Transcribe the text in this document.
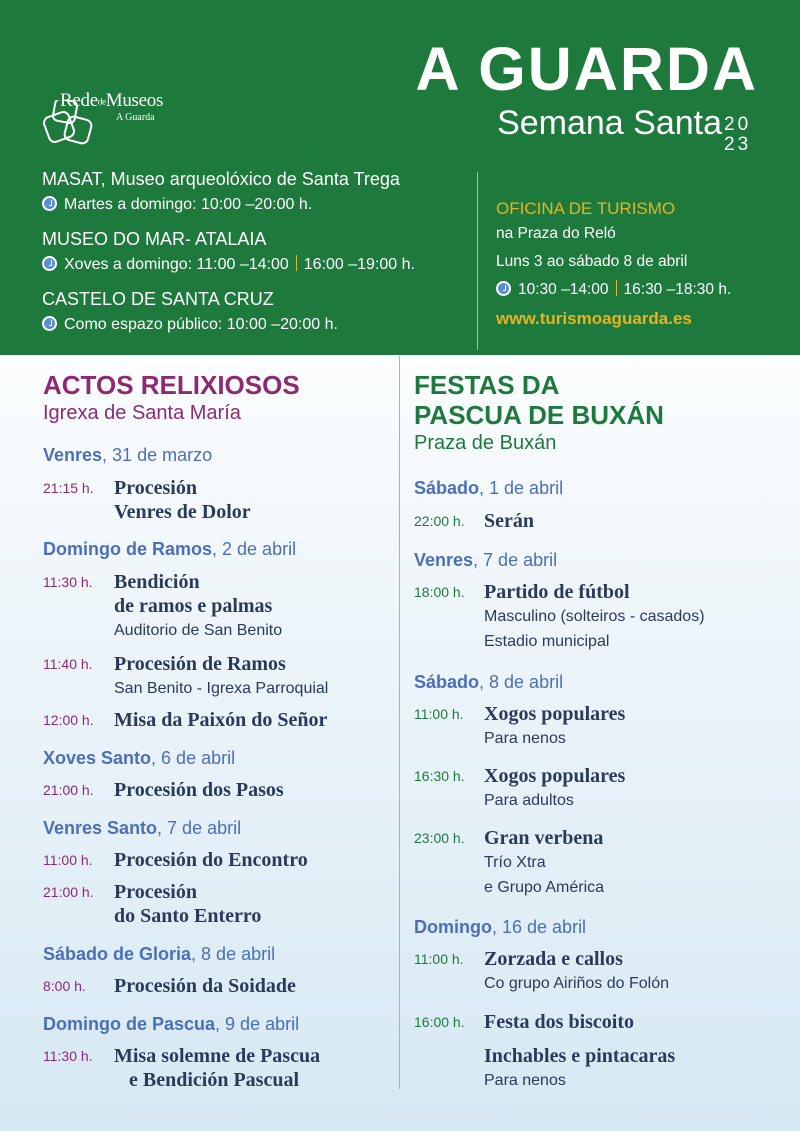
RededeMuseos
A Guarda
A GUARDA
Semana Santa 20
23
MASAT, Museo arqueolóxico de Santa Trega
Martes a domingo: 10:00 –20:00 h.
MUSEO DO MAR- ATALAIA
Xoves a domingo: 11:00 –14:00 16:00 –19:00 h.
CASTELO DE SANTA CRUZ
Como espazo público: 10:00 –20:00 h.
OFICINA DE TURISMO
na Praza do Reló
Luns 3 ao sábado 8 de abril
10:30 –14:00 16:30 –18:30 h.
www.turismoaguarda.es
ACTOS RELIXIOSOS
Igrexa de Santa María
Venres, 31 de marzo
21:15 h. Procesión
Venres de Dolor
Domingo de Ramos, 2 de abril
11:30 h. Bendición
de ramos e palmas
Auditorio de San Benito
11:40 h. Procesión de Ramos
San Benito - Igrexa Parroquial
12:00 h. Misa da Paixón do Señor
Xoves Santo, 6 de abril
21:00 h. Procesión dos Pasos
Venres Santo, 7 de abril
11:00 h. Procesión do Encontro
21:00 h. Procesión
do Santo Enterro
Sábado de Gloria, 8 de abril
8:00 h. Procesión da Soidade
Domingo de Pascua, 9 de abril
11:30 h. Misa solemne de Pascua
e Bendición Pascual
FESTAS DA
PASCUA DE BUXÁN
Praza de Buxán
Sábado, 1 de abril
22:00 h. Serán
Venres, 7 de abril
18:00 h. Partido de fútbol
Masculino (solteiros - casados)
Estadio municipal
Sábado, 8 de abril
11:00 h. Xogos populares
Para nenos
16:30 h. Xogos populares
Para adultos
23:00 h. Gran verbena
Trío Xtra
e Grupo América
Domingo, 16 de abril
11:00 h. Zorzada e callos
Co grupo Airiños do Folón
16:00 h. Festa dos biscoito
Inchables e pintacaras
Para nenos
